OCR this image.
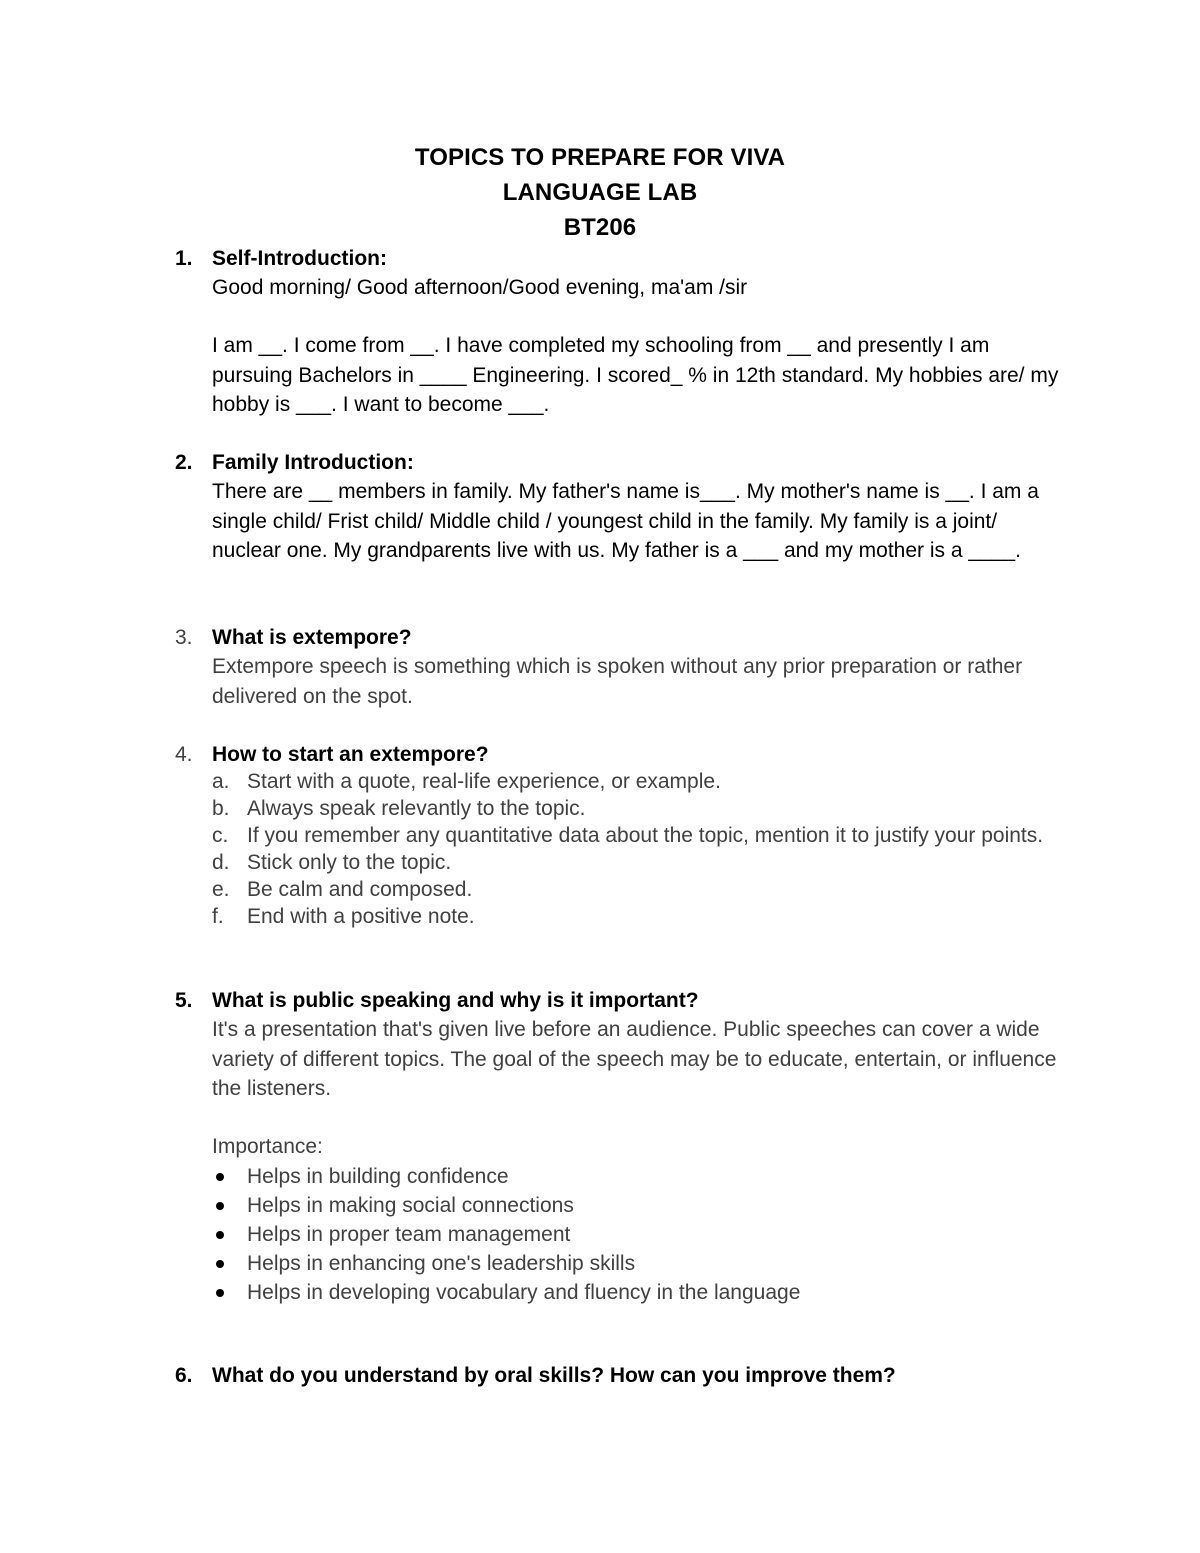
TOPICS TO PREPARE FOR VIVA
LANGUAGE LAB
BT206
1. Self-Introduction:
Good morning/ Good afternoon/Good evening, ma'am /sir
I am __. I come from __. I have completed my schooling from __ and presently I am pursuing Bachelors in ____ Engineering. I scored_ % in 12th standard. My hobbies are/ my hobby is ___. I want to become ___.
2. Family Introduction:
There are __ members in family. My father's name is___. My mother's name is __. I am a single child/ Frist child/ Middle child / youngest child in the family. My family is a joint/ nuclear one. My grandparents live with us. My father is a ___ and my mother is a ____.
3. What is extempore?
Extempore speech is something which is spoken without any prior preparation or rather delivered on the spot.
4. How to start an extempore?
a. Start with a quote, real-life experience, or example.
b. Always speak relevantly to the topic.
c. If you remember any quantitative data about the topic, mention it to justify your points.
d. Stick only to the topic.
e. Be calm and composed.
f. End with a positive note.
5. What is public speaking and why is it important?
It's a presentation that's given live before an audience. Public speeches can cover a wide variety of different topics. The goal of the speech may be to educate, entertain, or influence the listeners.
Importance:
Helps in building confidence
Helps in making social connections
Helps in proper team management
Helps in enhancing one's leadership skills
Helps in developing vocabulary and fluency in the language
6. What do you understand by oral skills? How can you improve them?
